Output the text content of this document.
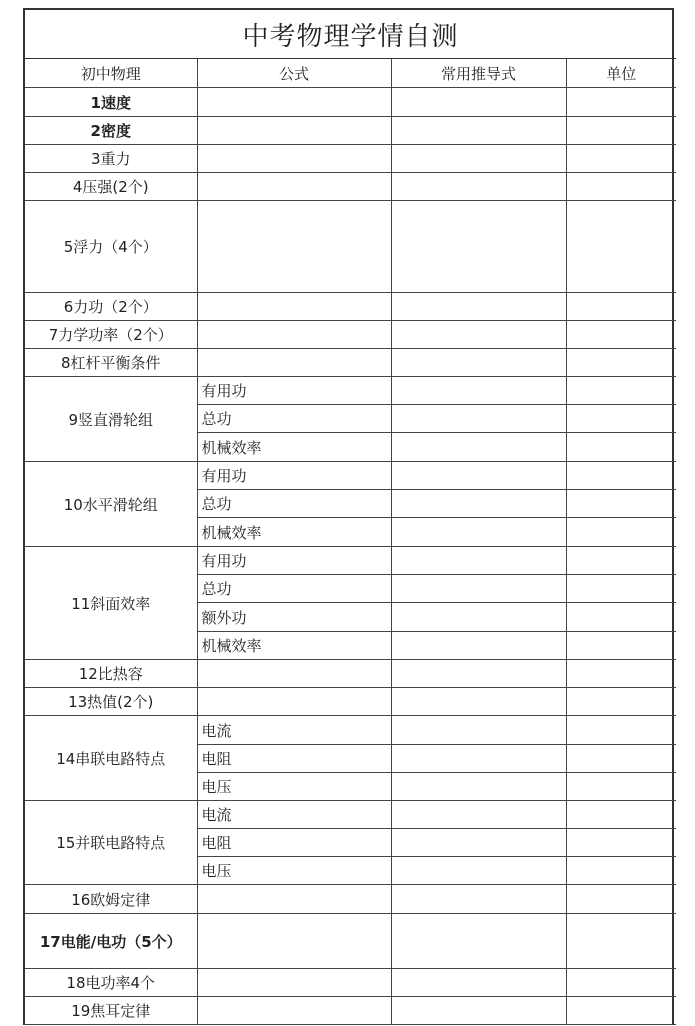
中考物理学情自测			
初中物理	公式	常用推导式	单位
1速度			
2密度			
3重力			
4压强(2个)			
5浮力（4个）			
6力功（2个）			
7力学功率（2个）			
8杠杆平衡条件			
9竖直滑轮组	有用功		
	总功		
	机械效率		
10水平滑轮组	有用功		
	总功		
	机械效率		
11斜面效率	有用功		
	总功		
	额外功		
	机械效率		
12比热容			
13热值(2个)			
14串联电路特点	电流		
	电阻		
	电压		
15并联电路特点	电流		
	电阻		
	电压		
16欧姆定律			
17电能/电功（5个）			
18电功率4个			
19焦耳定律			
